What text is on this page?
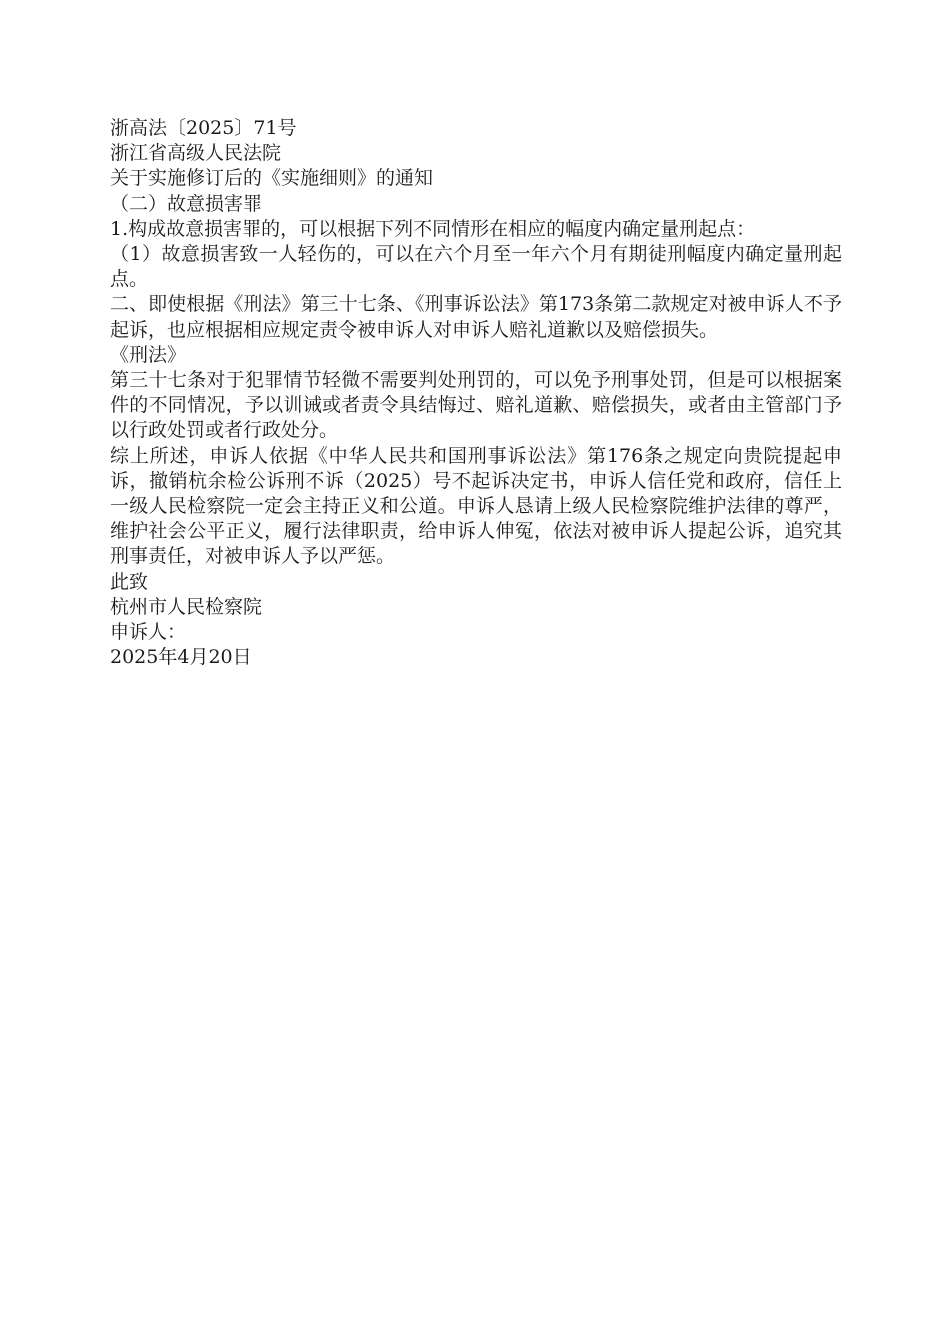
浙高法〔2025〕71号

浙江省高级人民法院

关于实施修订后的《实施细则》的通知

（二）故意损害罪

1.构成故意损害罪的，可以根据下列不同情形在相应的幅度内确定量刑起点：

（1）故意损害致一人轻伤的，可以在六个月至一年六个月有期徒刑幅度内确定量刑起点。

二、即使根据《刑法》第三十七条、《刑事诉讼法》第173条第二款规定对被申诉人不予起诉，也应根据相应规定责令被申诉人对申诉人赔礼道歉以及赔偿损失。

《刑法》

第三十七条对于犯罪情节轻微不需要判处刑罚的，可以免予刑事处罚，但是可以根据案件的不同情况，予以训诫或者责令具结悔过、赔礼道歉、赔偿损失，或者由主管部门予以行政处罚或者行政处分。

综上所述，申诉人依据《中华人民共和国刑事诉讼法》第176条之规定向贵院提起申诉，撤销杭余检公诉刑不诉（2025）号不起诉决定书，申诉人信任党和政府，信任上一级人民检察院一定会主持正义和公道。申诉人恳请上级人民检察院维护法律的尊严，维护社会公平正义，履行法律职责，给申诉人伸冤，依法对被申诉人提起公诉，追究其刑事责任，对被申诉人予以严惩。

此致

杭州市人民检察院

申诉人：

2025年4月20日
